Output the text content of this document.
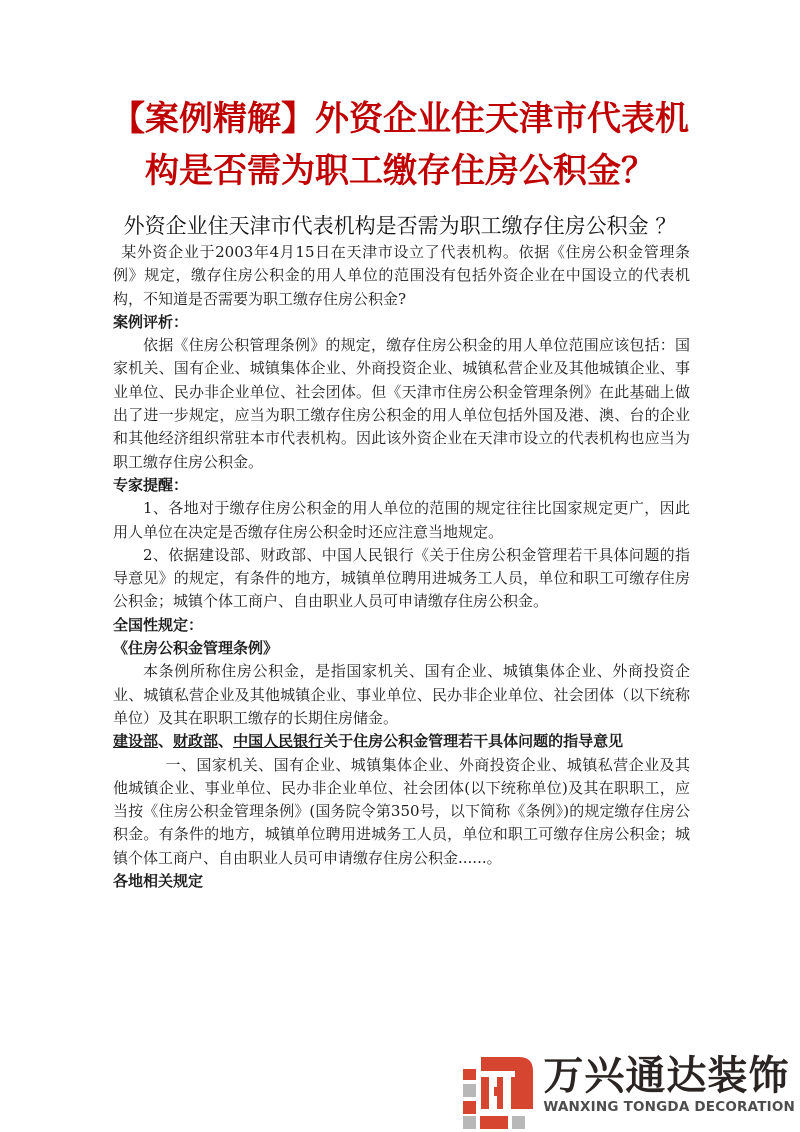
【案例精解】外资企业住天津市代表机
构是否需为职工缴存住房公积金？
外资企业住天津市代表机构是否需为职工缴存住房公积金 ？

某外资企业于2003年4月15日在天津市设立了代表机构。依据《住房公积金管理条例》规定，缴存住房公积金的用人单位的范围没有包括外资企业在中国设立的代表机构，不知道是否需要为职工缴存住房公积金?

案例评析：

依据《住房公积管理条例》的规定，缴存住房公积金的用人单位范围应该包括：国家机关、国有企业、城镇集体企业、外商投资企业、城镇私营企业及其他城镇企业、事业单位、民办非企业单位、社会团体。但《天津市住房公积金管理条例》在此基础上做出了进一步规定，应当为职工缴存住房公积金的用人单位包括外国及港、澳、台的企业和其他经济组织常驻本市代表机构。因此该外资企业在天津市设立的代表机构也应当为职工缴存住房公积金。

专家提醒：

1、各地对于缴存住房公积金的用人单位的范围的规定往往比国家规定更广，因此用人单位在决定是否缴存住房公积金时还应注意当地规定。

2、依据建设部、财政部、中国人民银行《关于住房公积金管理若干具体问题的指导意见》的规定，有条件的地方，城镇单位聘用进城务工人员，单位和职工可缴存住房公积金；城镇个体工商户、自由职业人员可申请缴存住房公积金。

全国性规定：

《住房公积金管理条例》

本条例所称住房公积金，是指国家机关、国有企业、城镇集体企业、外商投资企业、城镇私营企业及其他城镇企业、事业单位、民办非企业单位、社会团体（以下统称单位）及其在职职工缴存的长期住房储金。

建设部、财政部、中国人民银行关于住房公积金管理若干具体问题的指导意见

一、国家机关、国有企业、城镇集体企业、外商投资企业、城镇私营企业及其他城镇企业、事业单位、民办非企业单位、社会团体(以下统称单位)及其在职职工，应当按《住房公积金管理条例》(国务院令第350号，以下简称《条例》)的规定缴存住房公积金。有条件的地方，城镇单位聘用进城务工人员，单位和职工可缴存住房公积金；城镇个体工商户、自由职业人员可申请缴存住房公积金......。

各地相关规定

万兴通达装饰
WANXING TONGDA DECORATION
